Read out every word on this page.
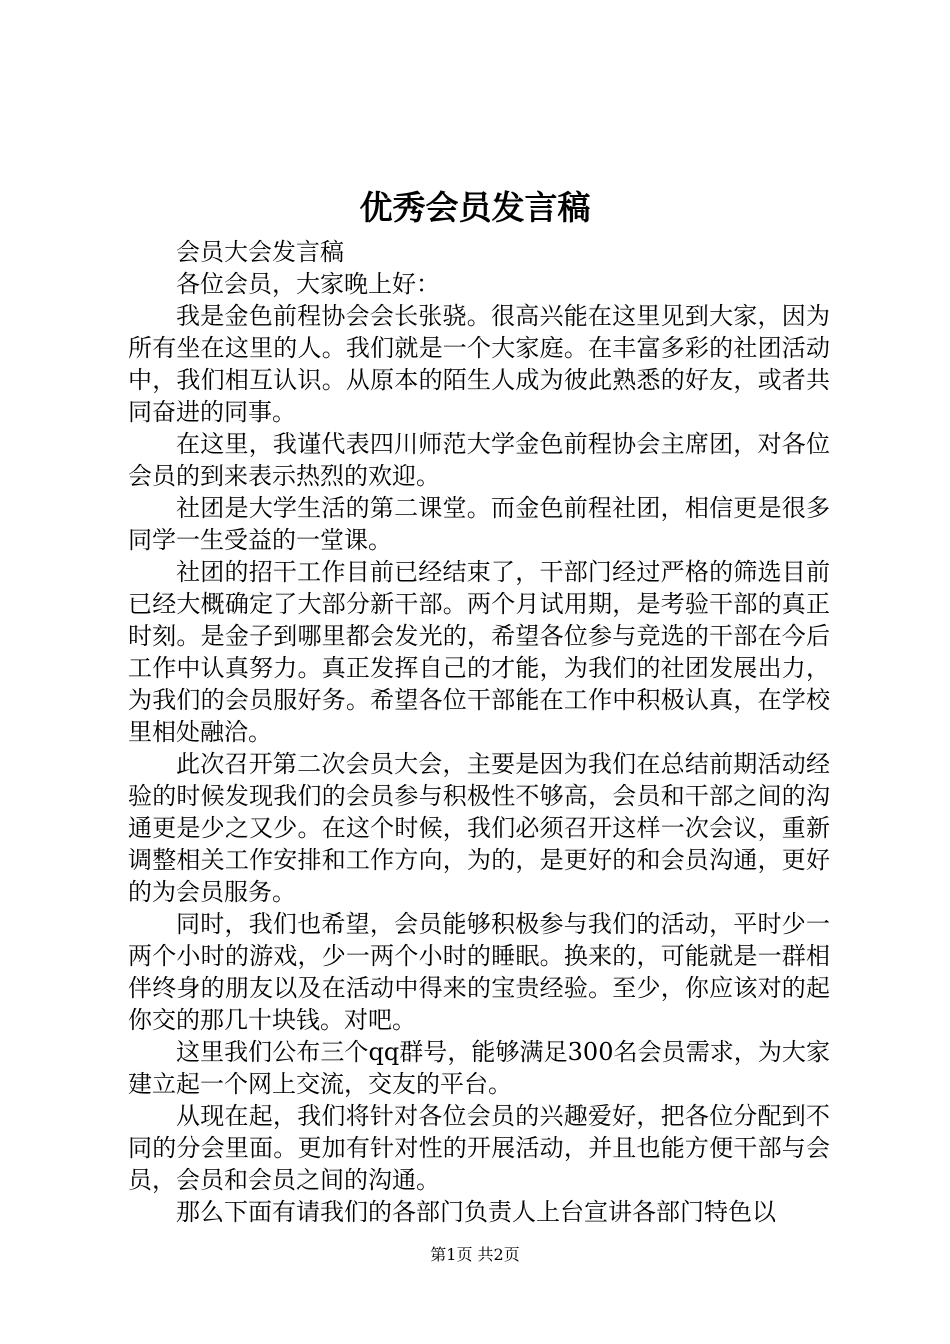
优秀会员发言稿

会员大会发言稿

各位会员，大家晚上好：

我是金色前程协会会长张骁。很高兴能在这里见到大家，因为所有坐在这里的人。我们就是一个大家庭。在丰富多彩的社团活动中，我们相互认识。从原本的陌生人成为彼此熟悉的好友，或者共同奋进的同事。

在这里，我谨代表四川师范大学金色前程协会主席团，对各位会员的到来表示热烈的欢迎。

社团是大学生活的第二课堂。而金色前程社团，相信更是很多同学一生受益的一堂课。

社团的招干工作目前已经结束了，干部门经过严格的筛选目前已经大概确定了大部分新干部。两个月试用期，是考验干部的真正时刻。是金子到哪里都会发光的，希望各位参与竞选的干部在今后工作中认真努力。真正发挥自己的才能，为我们的社团发展出力，为我们的会员服好务。希望各位干部能在工作中积极认真，在学校里相处融洽。

此次召开第二次会员大会，主要是因为我们在总结前期活动经验的时候发现我们的会员参与积极性不够高，会员和干部之间的沟通更是少之又少。在这个时候，我们必须召开这样一次会议，重新调整相关工作安排和工作方向，为的，是更好的和会员沟通，更好的为会员服务。

同时，我们也希望，会员能够积极参与我们的活动，平时少一两个小时的游戏，少一两个小时的睡眠。换来的，可能就是一群相伴终身的朋友以及在活动中得来的宝贵经验。至少，你应该对的起你交的那几十块钱。对吧。

这里我们公布三个qq群号，能够满足300名会员需求，为大家建立起一个网上交流，交友的平台。

从现在起，我们将针对各位会员的兴趣爱好，把各位分配到不同的分会里面。更加有针对性的开展活动，并且也能方便干部与会员，会员和会员之间的沟通。

那么下面有请我们的各部门负责人上台宣讲各部门特色以

第1页 共2页
